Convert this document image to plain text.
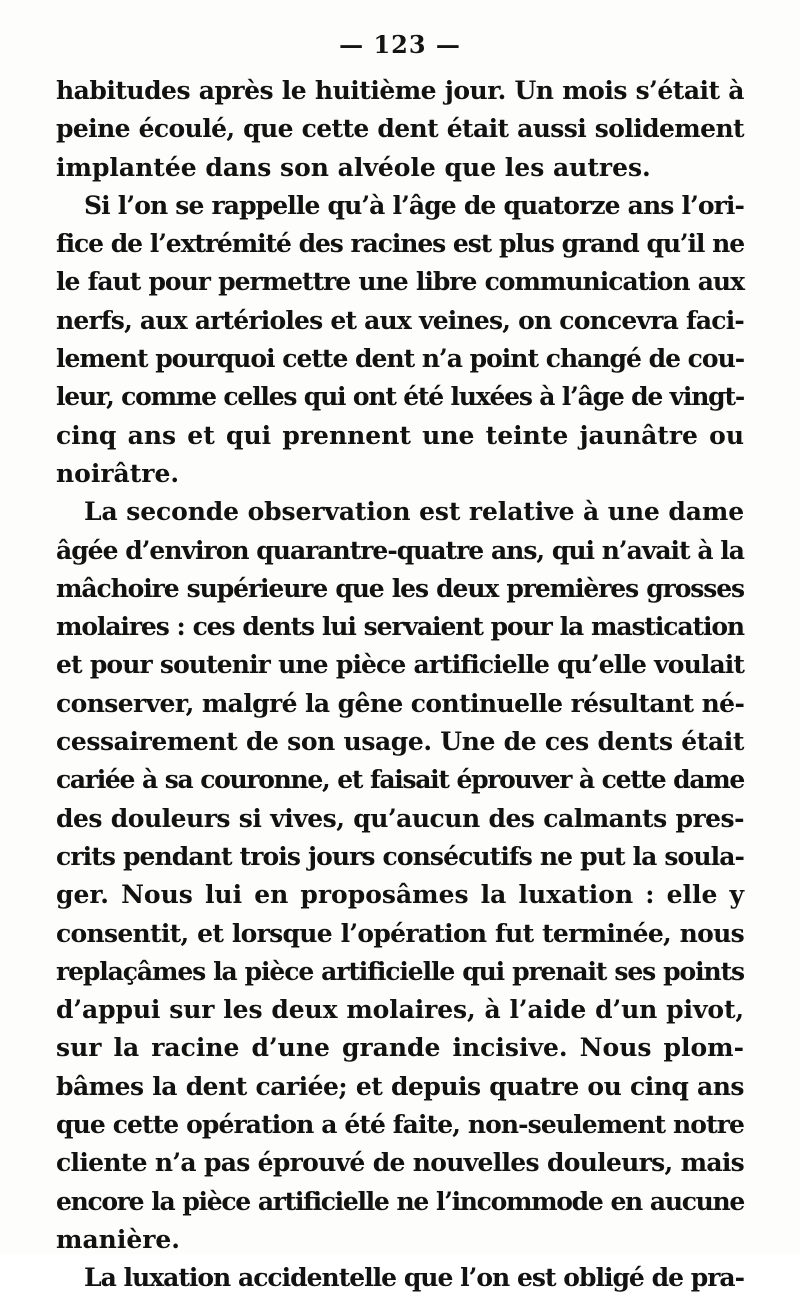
— 123 —
habitudes après le huitième jour. Un mois s’était à
peine écoulé, que cette dent était aussi solidement
implantée dans son alvéole que les autres.
Si l’on se rappelle qu’à l’âge de quatorze ans l’ori-
fice de l’extrémité des racines est plus grand qu’il ne
le faut pour permettre une libre communication aux
nerfs, aux artérioles et aux veines, on concevra faci-
lement pourquoi cette dent n’a point changé de cou-
leur, comme celles qui ont été luxées à l’âge de vingt-
cinq ans et qui prennent une teinte jaunâtre ou
noirâtre.
La seconde observation est relative à une dame
âgée d’environ quarantre-quatre ans, qui n’avait à la
mâchoire supérieure que les deux premières grosses
molaires : ces dents lui servaient pour la mastication
et pour soutenir une pièce artificielle qu’elle voulait
conserver, malgré la gêne continuelle résultant né-
cessairement de son usage. Une de ces dents était
cariée à sa couronne, et faisait éprouver à cette dame
des douleurs si vives, qu’aucun des calmants pres-
crits pendant trois jours consécutifs ne put la soula-
ger. Nous lui en proposâmes la luxation : elle y
consentit, et lorsque l’opération fut terminée, nous
replaçâmes la pièce artificielle qui prenait ses points
d’appui sur les deux molaires, à l’aide d’un pivot,
sur la racine d’une grande incisive. Nous plom-
bâmes la dent cariée; et depuis quatre ou cinq ans
que cette opération a été faite, non-seulement notre
cliente n’a pas éprouvé de nouvelles douleurs, mais
encore la pièce artificielle ne l’incommode en aucune
manière.
La luxation accidentelle que l’on est obligé de pra-
